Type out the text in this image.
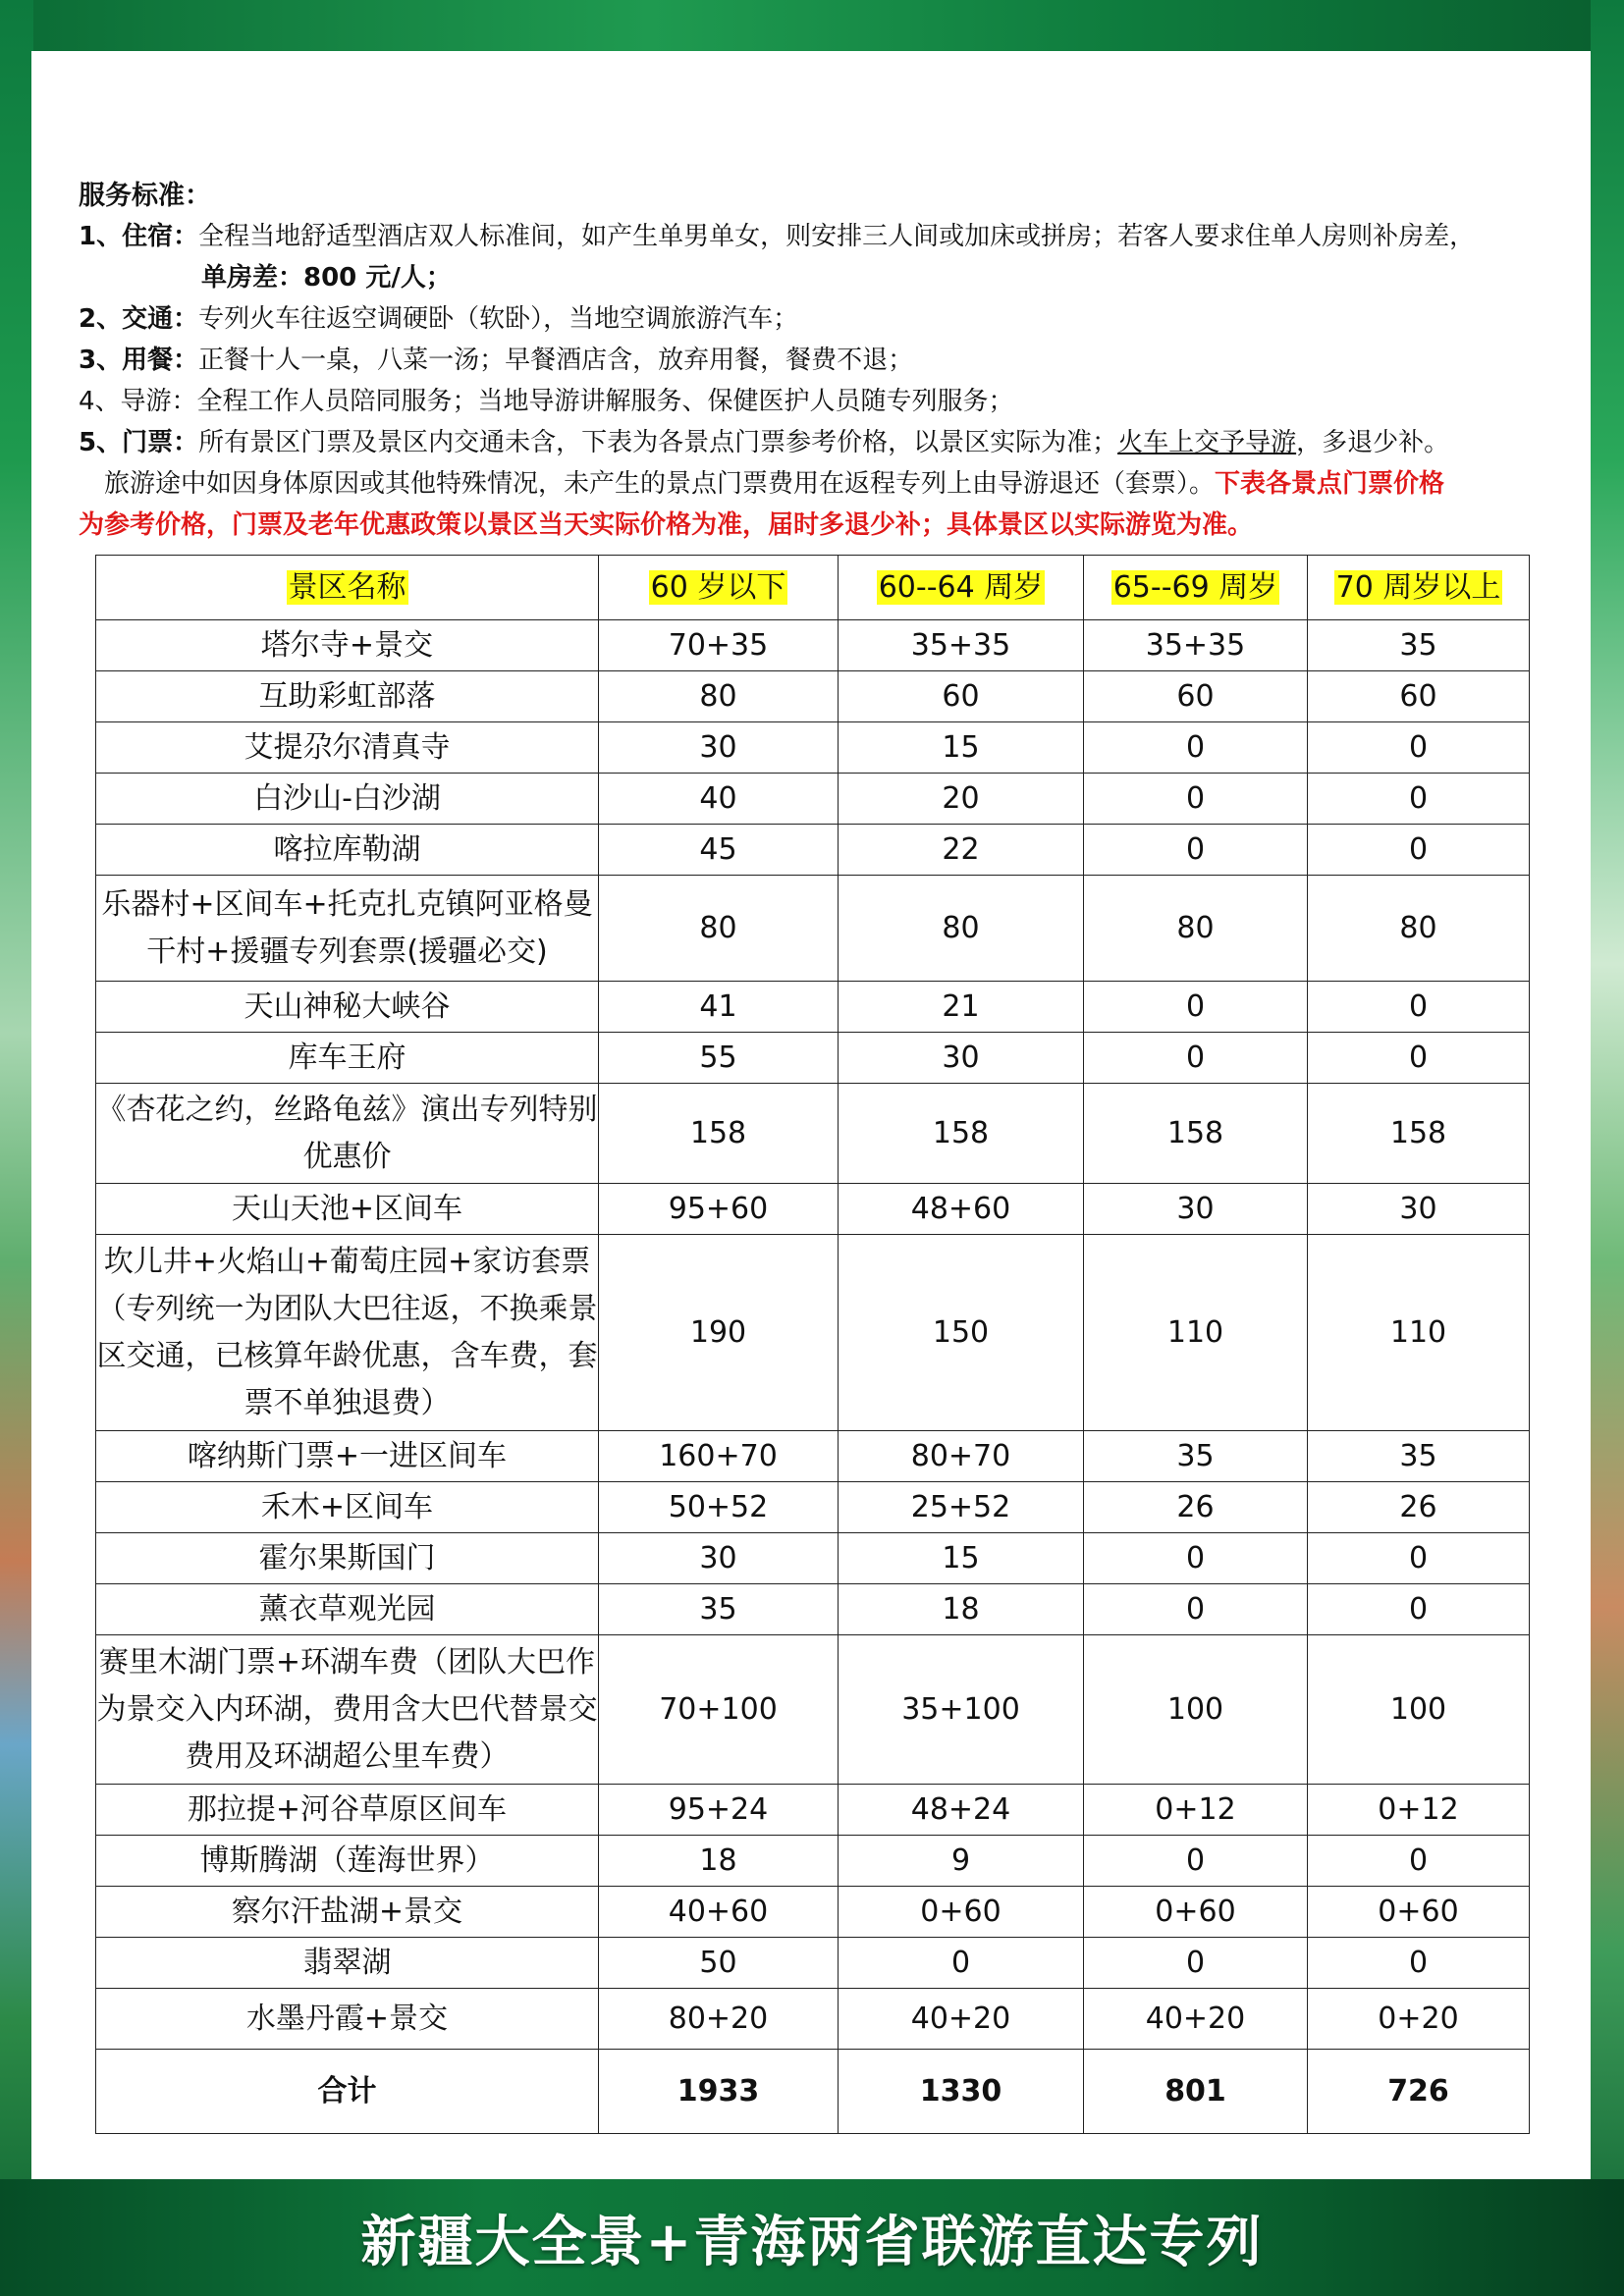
服务标准：
1、住宿：全程当地舒适型酒店双人标准间，如产生单男单女，则安排三人间或加床或拼房；若客人要求住单人房则补房差，
单房差：800 元/人；
2、交通：专列火车往返空调硬卧（软卧），当地空调旅游汽车；
3、用餐：正餐十人一桌，八菜一汤；早餐酒店含，放弃用餐，餐费不退；
4、导游：全程工作人员陪同服务；当地导游讲解服务、保健医护人员随专列服务；
5、门票：所有景区门票及景区内交通未含，下表为各景点门票参考价格，以景区实际为准；火车上交予导游，多退少补。
旅游途中如因身体原因或其他特殊情况，未产生的景点门票费用在返程专列上由导游退还（套票）。下表各景点门票价格
为参考价格，门票及老年优惠政策以景区当天实际价格为准，届时多退少补；具体景区以实际游览为准。
景区名称	60 岁以下	60--64 周岁	65--69 周岁	70 周岁以上
塔尔寺+景交	70+35	35+35	35+35	35
互助彩虹部落	80	60	60	60
艾提尕尔清真寺	30	15	0	0
白沙山-白沙湖	40	20	0	0
喀拉库勒湖	45	22	0	0
乐器村+区间车+托克扎克镇阿亚格曼干村+援疆专列套票(援疆必交)	80	80	80	80
天山神秘大峡谷	41	21	0	0
库车王府	55	30	0	0
《杏花之约，丝路龟兹》演出专列特别优惠价	158	158	158	158
天山天池+区间车	95+60	48+60	30	30
坎儿井+火焰山+葡萄庄园+家访套票（专列统一为团队大巴往返，不换乘景区交通，已核算年龄优惠，含车费，套票不单独退费）	190	150	110	110
喀纳斯门票+一进区间车	160+70	80+70	35	35
禾木+区间车	50+52	25+52	26	26
霍尔果斯国门	30	15	0	0
薰衣草观光园	35	18	0	0
赛里木湖门票+环湖车费（团队大巴作为景交入内环湖，费用含大巴代替景交费用及环湖超公里车费）	70+100	35+100	100	100
那拉提+河谷草原区间车	95+24	48+24	0+12	0+12
博斯腾湖（莲海世界）	18	9	0	0
察尔汗盐湖+景交	40+60	0+60	0+60	0+60
翡翠湖	50	0	0	0
水墨丹霞+景交	80+20	40+20	40+20	0+20
合计	1933	1330	801	726
新疆大全景+青海两省联游直达专列
